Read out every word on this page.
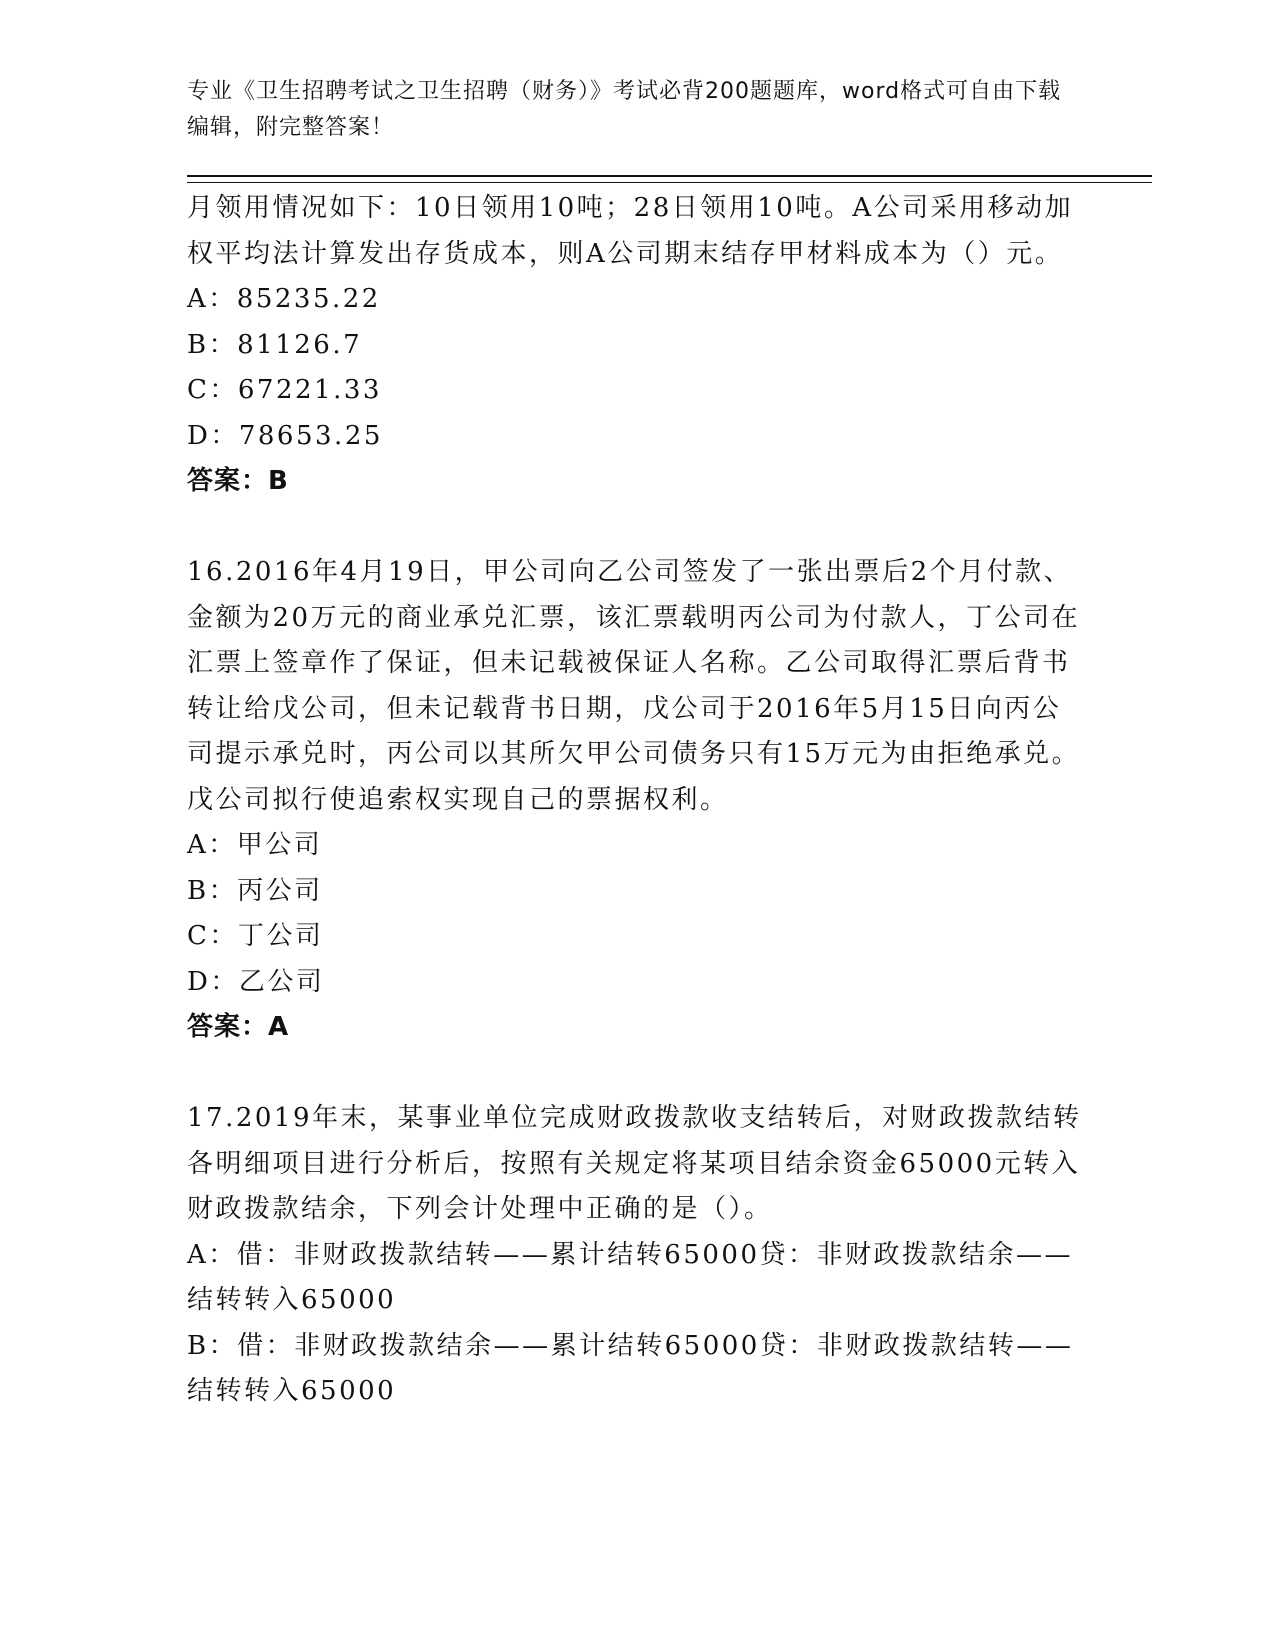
专业《卫生招聘考试之卫生招聘（财务）》考试必背200题题库，word格式可自由下载编辑，附完整答案！

月领用情况如下：10日领用10吨；28日领用10吨。A公司采用移动加权平均法计算发出存货成本，则A公司期末结存甲材料成本为（）元。

A：85235.22

B：81126.7

C：67221.33

D：78653.25

答案：B

16.2016年4月19日，甲公司向乙公司签发了一张出票后2个月付款、金额为20万元的商业承兑汇票，该汇票载明丙公司为付款人，丁公司在汇票上签章作了保证，但未记载被保证人名称。乙公司取得汇票后背书转让给戊公司，但未记载背书日期，戊公司于2016年5月15日向丙公司提示承兑时，丙公司以其所欠甲公司债务只有15万元为由拒绝承兑。戊公司拟行使追索权实现自己的票据权利。

A：甲公司

B：丙公司

C：丁公司

D：乙公司

答案：A

17.2019年末，某事业单位完成财政拨款收支结转后，对财政拨款结转各明细项目进行分析后，按照有关规定将某项目结余资金65000元转入财政拨款结余，下列会计处理中正确的是（）。

A：借：非财政拨款结转——累计结转65000贷：非财政拨款结余——结转转入65000

B：借：非财政拨款结余——累计结转65000贷：非财政拨款结转——结转转入65000
